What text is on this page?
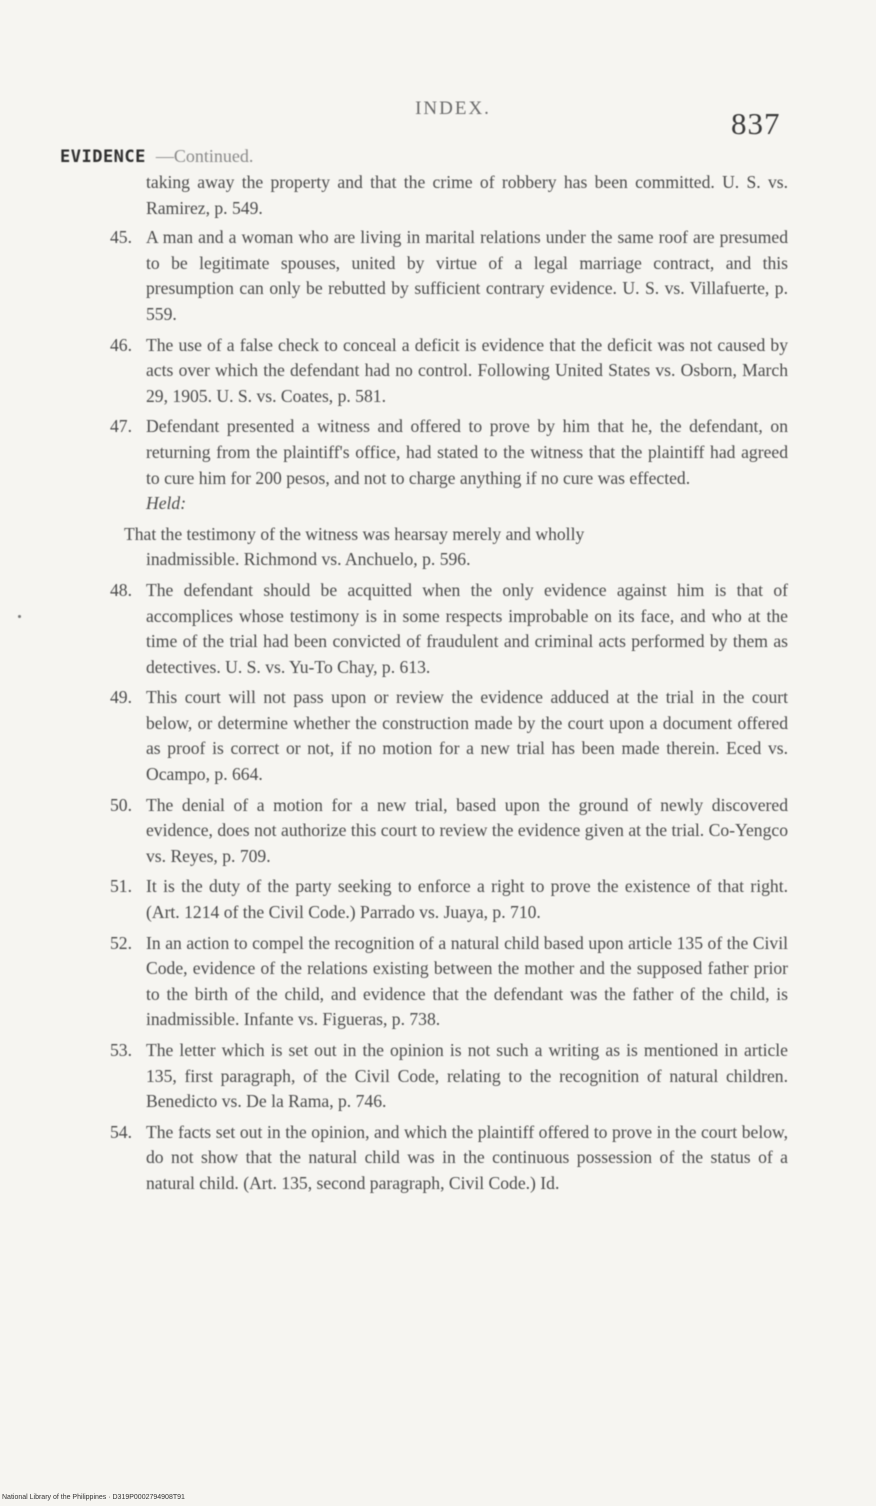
INDEX.	837
EVIDENCE —Continued.

taking away the property and that the crime of robbery has been committed. U. S. vs. Ramirez, p. 549.

45. A man and a woman who are living in marital relations under the same roof are presumed to be legitimate spouses, united by virtue of a legal marriage contract, and this presumption can only be rebutted by sufficient contrary evidence. U. S. vs. Villafuerte, p. 559.
46. The use of a false check to conceal a deficit is evidence that the deficit was not caused by acts over which the defendant had no control. Following United States vs. Osborn, March 29, 1905. U. S. vs. Coates, p. 581.
47. Defendant presented a witness and offered to prove by him that he, the defendant, on returning from the plaintiff's office, had stated to the witness that the plaintiff had agreed to cure him for 200 pesos, and not to charge anything if no cure was effected.
Held:
That the testimony of the witness was hearsay merely and wholly
inadmissible. Richmond vs. Anchuelo, p. 596.
48. The defendant should be acquitted when the only evidence against him is that of accomplices whose testimony is in some respects improbable on its face, and who at the time of the trial had been convicted of fraudulent and criminal acts performed by them as detectives. U. S. vs. Yu-To Chay, p. 613.
49. This court will not pass upon or review the evidence adduced at the trial in the court below, or determine whether the construction made by the court upon a document offered as proof is correct or not, if no motion for a new trial has been made therein. Eced vs. Ocampo, p. 664.
50. The denial of a motion for a new trial, based upon the ground of newly discovered evidence, does not authorize this court to review the evidence given at the trial. Co-Yengco vs. Reyes, p. 709.
51. It is the duty of the party seeking to enforce a right to prove the existence of that right. (Art. 1214 of the Civil Code.) Parrado vs. Juaya, p. 710.
52. In an action to compel the recognition of a natural child based upon article 135 of the Civil Code, evidence of the relations existing between the mother and the supposed father prior to the birth of the child, and evidence that the defendant was the father of the child, is inadmissible. Infante vs. Figueras, p. 738.
53. The letter which is set out in the opinion is not such a writing as is mentioned in article 135, first paragraph, of the Civil Code, relating to the recognition of natural children. Benedicto vs. De la Rama, p. 746.
54. The facts set out in the opinion, and which the plaintiff offered to prove in the court below, do not show that the natural child was in the continuous possession of the status of a natural child. (Art. 135, second paragraph, Civil Code.) Id.
National Library of the Philippines · D319P0002794908T91
